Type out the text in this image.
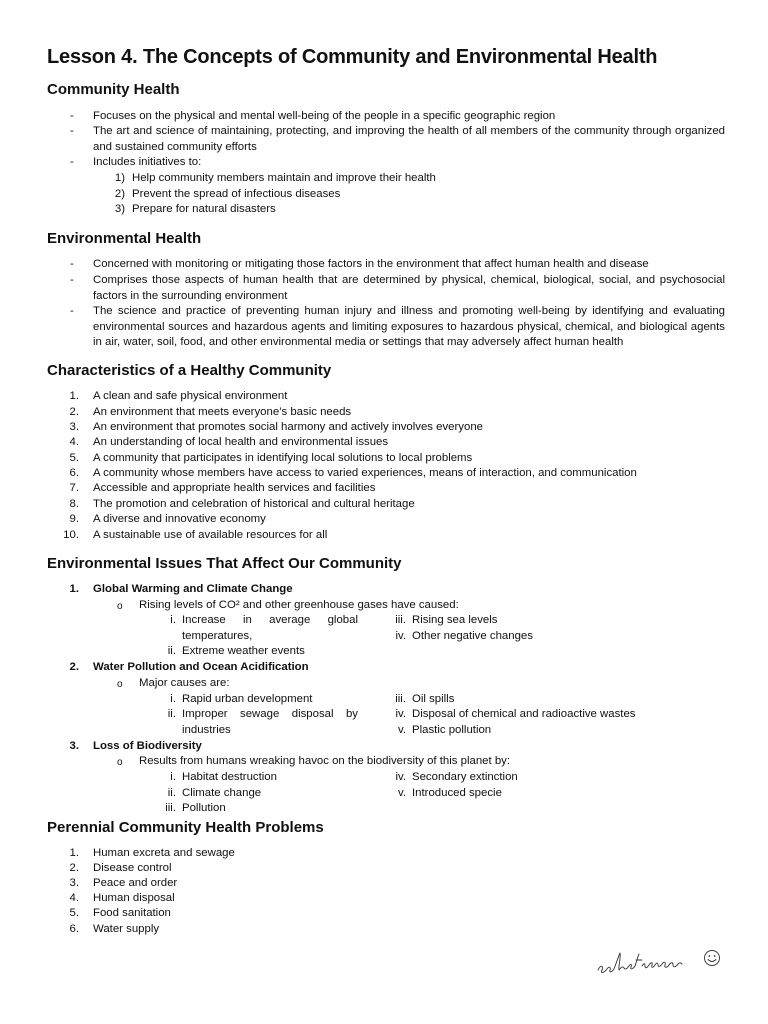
Lesson 4. The Concepts of Community and Environmental Health
Community Health
- Focuses on the physical and mental well-being of the people in a specific geographic region
- The art and science of maintaining, protecting, and improving the health of all members of the community through organized
and sustained community efforts
- Includes initiatives to:
1) Help community members maintain and improve their health
2) Prevent the spread of infectious diseases
3) Prepare for natural disasters
Environmental Health
- Concerned with monitoring or mitigating those factors in the environment that affect human health and disease
- Comprises those aspects of human health that are determined by physical, chemical, biological, social, and psychosocial
factors in the surrounding environment
- The science and practice of preventing human injury and illness and promoting well-being by identifying and evaluating
environmental sources and hazardous agents and limiting exposures to hazardous physical, chemical, and biological agents
in air, water, soil, food, and other environmental media or settings that may adversely affect human health
Characteristics of a Healthy Community
1. A clean and safe physical environment
2. An environment that meets everyone’s basic needs
3. An environment that promotes social harmony and actively involves everyone
4. An understanding of local health and environmental issues
5. A community that participates in identifying local solutions to local problems
6. A community whose members have access to varied experiences, means of interaction, and communication
7. Accessible and appropriate health services and facilities
8. The promotion and celebration of historical and cultural heritage
9. A diverse and innovative economy
10. A sustainable use of available resources for all
Environmental Issues That Affect Our Community
1. Global Warming and Climate Change
o Rising levels of CO² and other greenhouse gases have caused:
i. Increase in average global
temperatures,
ii. Extreme weather events
iii. Rising sea levels
iv. Other negative changes
2. Water Pollution and Ocean Acidification
o Major causes are:
i. Rapid urban development
ii. Improper sewage disposal by
industries
iii. Oil spills
iv. Disposal of chemical and radioactive wastes
v. Plastic pollution
3. Loss of Biodiversity
o Results from humans wreaking havoc on the biodiversity of this planet by:
i. Habitat destruction
ii. Climate change
iii. Pollution
iv. Secondary extinction
v. Introduced specie
Perennial Community Health Problems
1. Human excreta and sewage
2. Disease control
3. Peace and order
4. Human disposal
5. Food sanitation
6. Water supply
